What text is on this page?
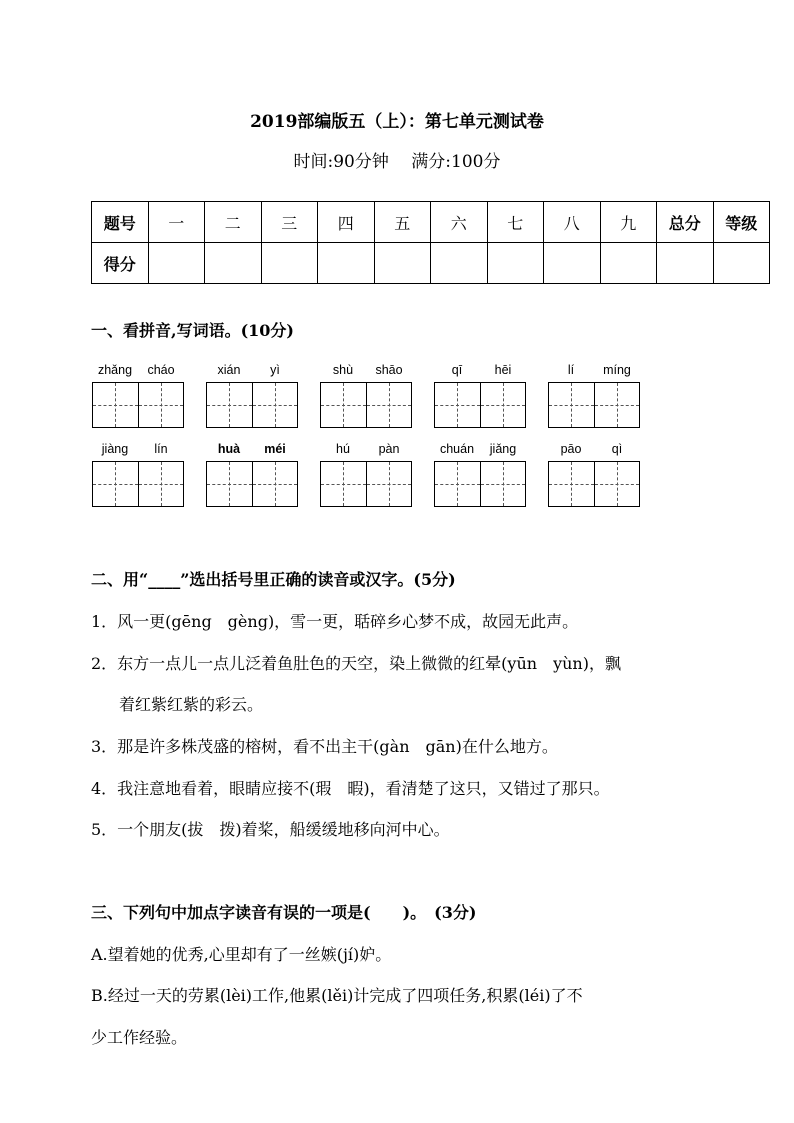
2019部编版五（上）：第七单元测试卷
时间:90分钟　 满分:100分
题号	一	二	三	四	五	六	七	八	九	总分	等级
得分											
一、看拼音,写词语。(10分)
zhǎng	cháo	xián	yì	shù	shāo	qī	hēi	lí	míng
jiàng	lín	huà	méi	hú	pàn	chuán	jiǎng	pāo	qì
二、用“____”选出括号里正确的读音或汉字。(5分)
1．风一更(gēng　gèng)，雪一更，聒碎乡心梦不成，故园无此声。
2．东方一点儿一点儿泛着鱼肚色的天空，染上微微的红晕(yūn　yùn)，飘
着红紫红紫的彩云。
3．那是许多株茂盛的榕树，看不出主干(gàn　gān)在什么地方。
4．我注意地看着，眼睛应接不(瑕　暇)，看清楚了这只，又错过了那只。
5．一个朋友(拔　拨)着桨，船缓缓地移向河中心。
三、下列句中加点字读音有误的一项是(　　)。　(3分)
A.望着她的优秀,心里却有了一丝嫉(jí)妒。
B.经过一天的劳累(lèi)工作,他累(lěi)计完成了四项任务,积累(léi)了不
少工作经验。
